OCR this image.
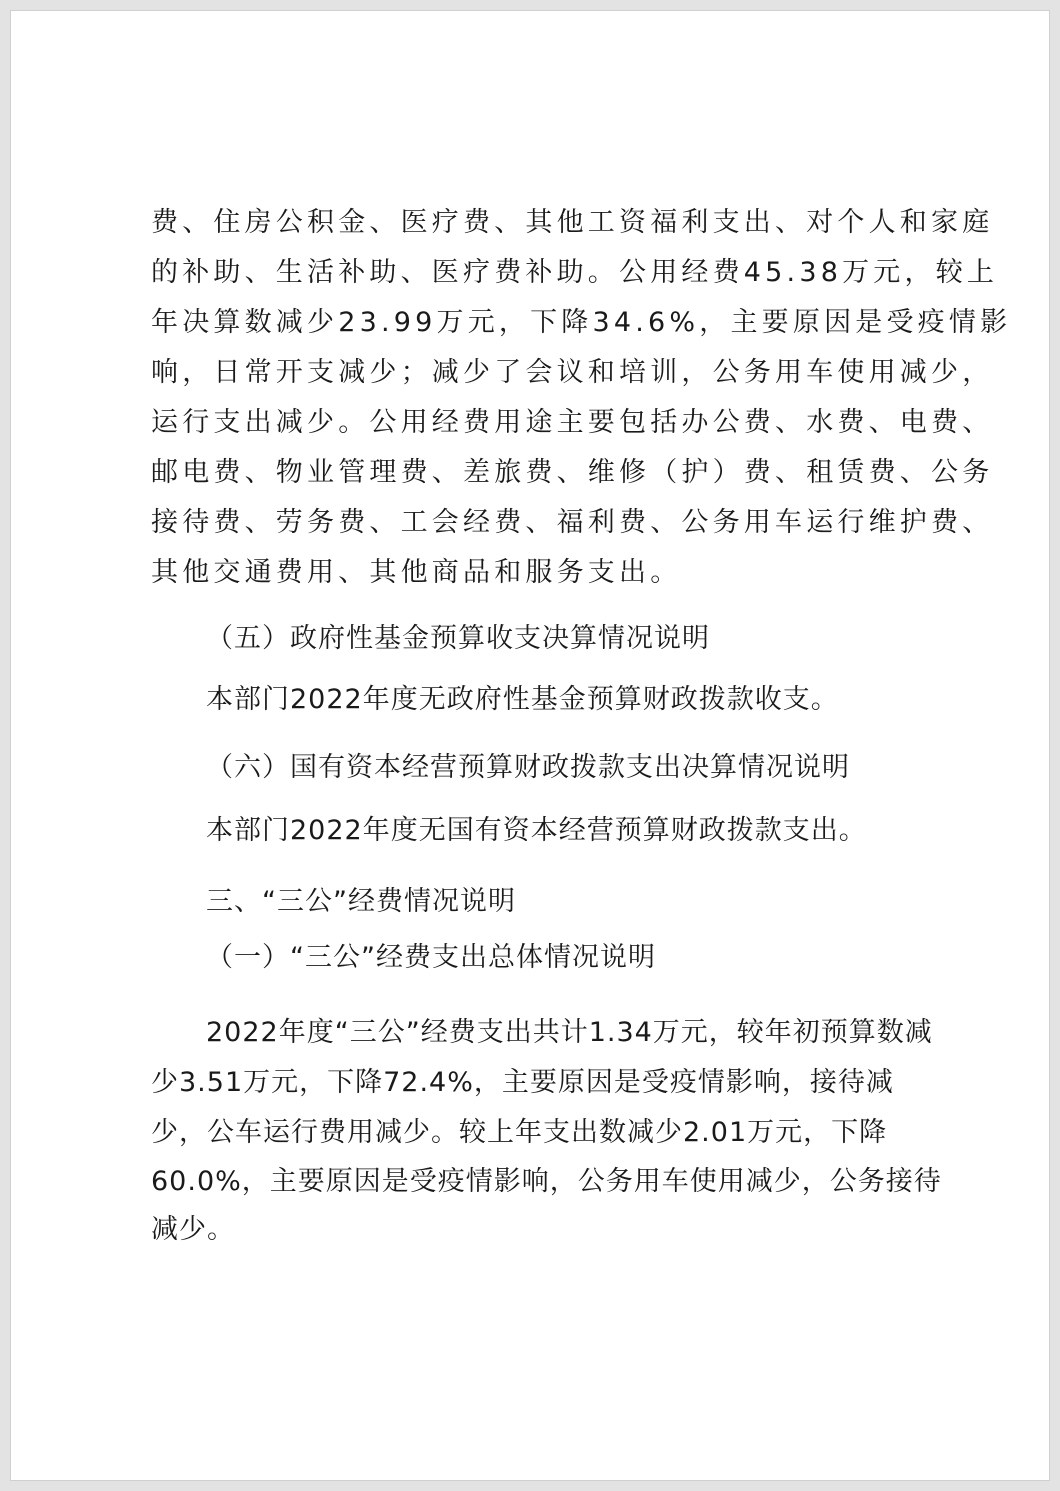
费、住房公积金、医疗费、其他工资福利支出、对个人和家庭
的补助、生活补助、医疗费补助。公用经费45.38万元，较上
年决算数减少23.99万元，下降34.6%，主要原因是受疫情影
响，日常开支减少；减少了会议和培训，公务用车使用减少，
运行支出减少。公用经费用途主要包括办公费、水费、电费、
邮电费、物业管理费、差旅费、维修（护）费、租赁费、公务
接待费、劳务费、工会经费、福利费、公务用车运行维护费、
其他交通费用、其他商品和服务支出。
（五）政府性基金预算收支决算情况说明
本部门2022年度无政府性基金预算财政拨款收支。
（六）国有资本经营预算财政拨款支出决算情况说明
本部门2022年度无国有资本经营预算财政拨款支出。
三、“三公”经费情况说明
（一）“三公”经费支出总体情况说明
2022年度“三公”经费支出共计1.34万元，较年初预算数减
少3.51万元，下降72.4%，主要原因是受疫情影响，接待减
少，公车运行费用减少。较上年支出数减少2.01万元，下降
60.0%，主要原因是受疫情影响，公务用车使用减少，公务接待
减少。
